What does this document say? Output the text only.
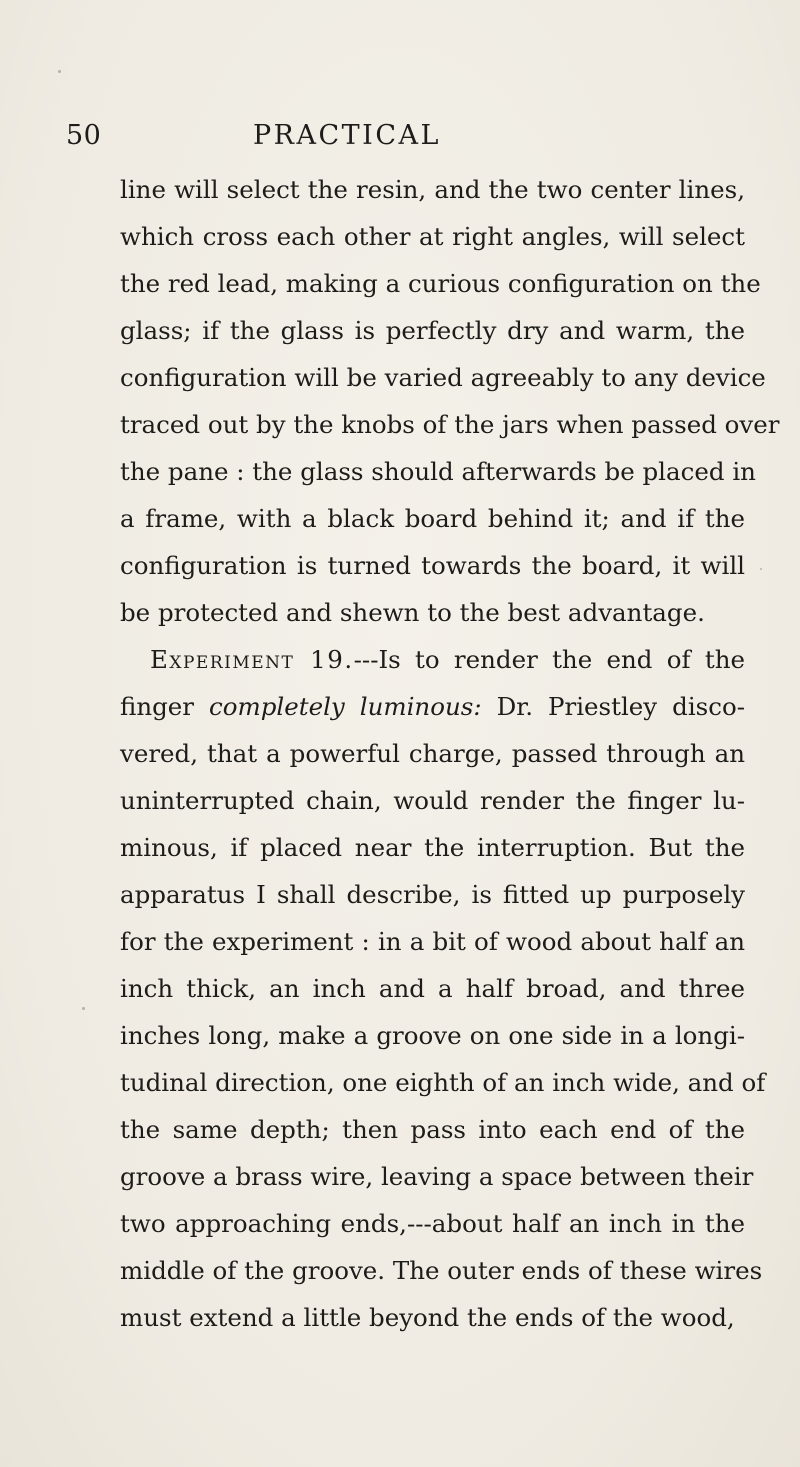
50	PRACTICAL
line will select the resin, and the two center lines,
which cross each other at right angles, will select
the red lead, making a curious configuration on the
glass; if the glass is perfectly dry and warm, the
configuration will be varied agreeably to any device
traced out by the knobs of the jars when passed over
the pane : the glass should afterwards be placed in
a frame, with a black board behind it; and if the
configuration is turned towards the board, it will
be protected and shewn to the best advantage.
Experiment 19.---Is to render the end of the
finger completely luminous: Dr. Priestley disco-
vered, that a powerful charge, passed through an
uninterrupted chain, would render the finger lu-
minous, if placed near the interruption. But the
apparatus I shall describe, is fitted up purposely
for the experiment : in a bit of wood about half an
inch thick, an inch and a half broad, and three
inches long, make a groove on one side in a longi-
tudinal direction, one eighth of an inch wide, and of
the same depth; then pass into each end of the
groove a brass wire, leaving a space between their
two approaching ends,---about half an inch in the
middle of the groove. The outer ends of these wires
must extend a little beyond the ends of the wood,
